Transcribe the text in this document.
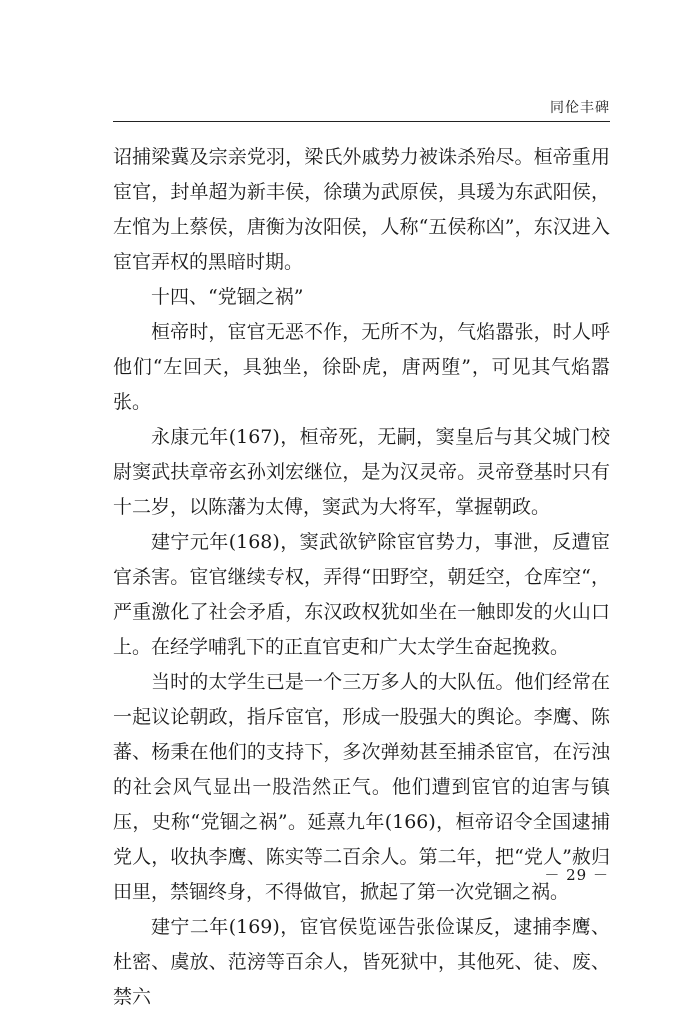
同伦丰碑

诏捕梁冀及宗亲党羽，梁氏外戚势力被诛杀殆尽。桓帝重用宦官，封单超为新丰侯，徐璜为武原侯，具瑗为东武阳侯，左悺为上蔡侯，唐衡为汝阳侯，人称“五侯称凶”，东汉进入宦官弄权的黑暗时期。

十四、“党锢之祸”

桓帝时，宦官无恶不作，无所不为，气焰嚣张，时人呼他们“左回天，具独坐，徐卧虎，唐两堕”，可见其气焰嚣张。

永康元年(167)，桓帝死，无嗣，窦皇后与其父城门校尉窦武扶章帝玄孙刘宏继位，是为汉灵帝。灵帝登基时只有十二岁，以陈藩为太傅，窦武为大将军，掌握朝政。

建宁元年(168)，窦武欲铲除宦官势力，事泄，反遭宦官杀害。宦官继续专权，弄得“田野空，朝廷空，仓库空“，严重激化了社会矛盾，东汉政权犹如坐在一触即发的火山口上。在经学哺乳下的正直官吏和广大太学生奋起挽救。

当时的太学生已是一个三万多人的大队伍。他们经常在一起议论朝政，指斥宦官，形成一股强大的舆论。李鹰、陈蕃、杨秉在他们的支持下，多次弹劾甚至捕杀宦官，在污浊的社会风气显出一股浩然正气。他们遭到宦官的迫害与镇压，史称“党锢之祸”。延熹九年(166)，桓帝诏令全国逮捕党人，收执李鹰、陈实等二百余人。第二年，把“党人”赦归田里，禁锢终身，不得做官，掀起了第一次党锢之祸。

建宁二年(169)，宦官侯览诬告张俭谋反，逮捕李鹰、杜密、虞放、范滂等百余人，皆死狱中，其他死、徒、废、禁六

－ 29 －
